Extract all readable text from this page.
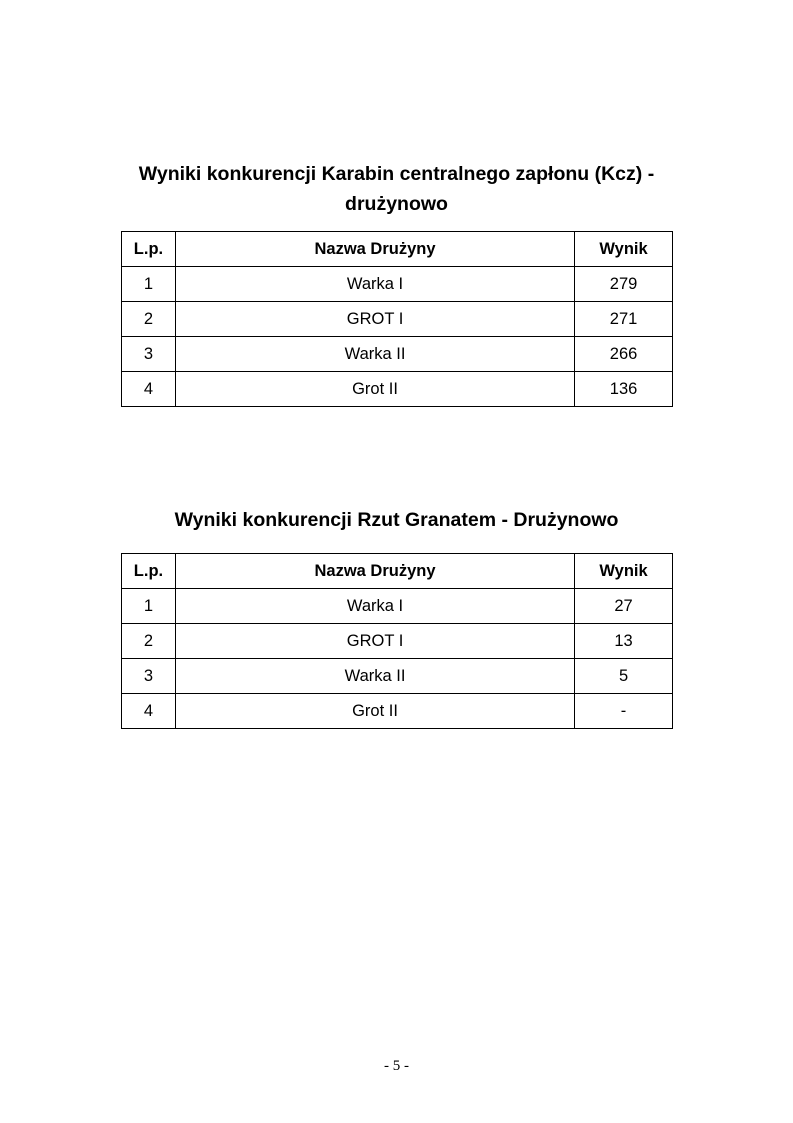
Wyniki konkurencji Karabin centralnego zapłonu (Kcz) -
drużynowo
L.p.	Nazwa Drużyny	Wynik
1	Warka I	279
2	GROT I	271
3	Warka II	266
4	Grot II	136
Wyniki konkurencji Rzut Granatem - Drużynowo
L.p.	Nazwa Drużyny	Wynik
1	Warka I	27
2	GROT I	13
3	Warka II	5
4	Grot II	-
- 5 -
